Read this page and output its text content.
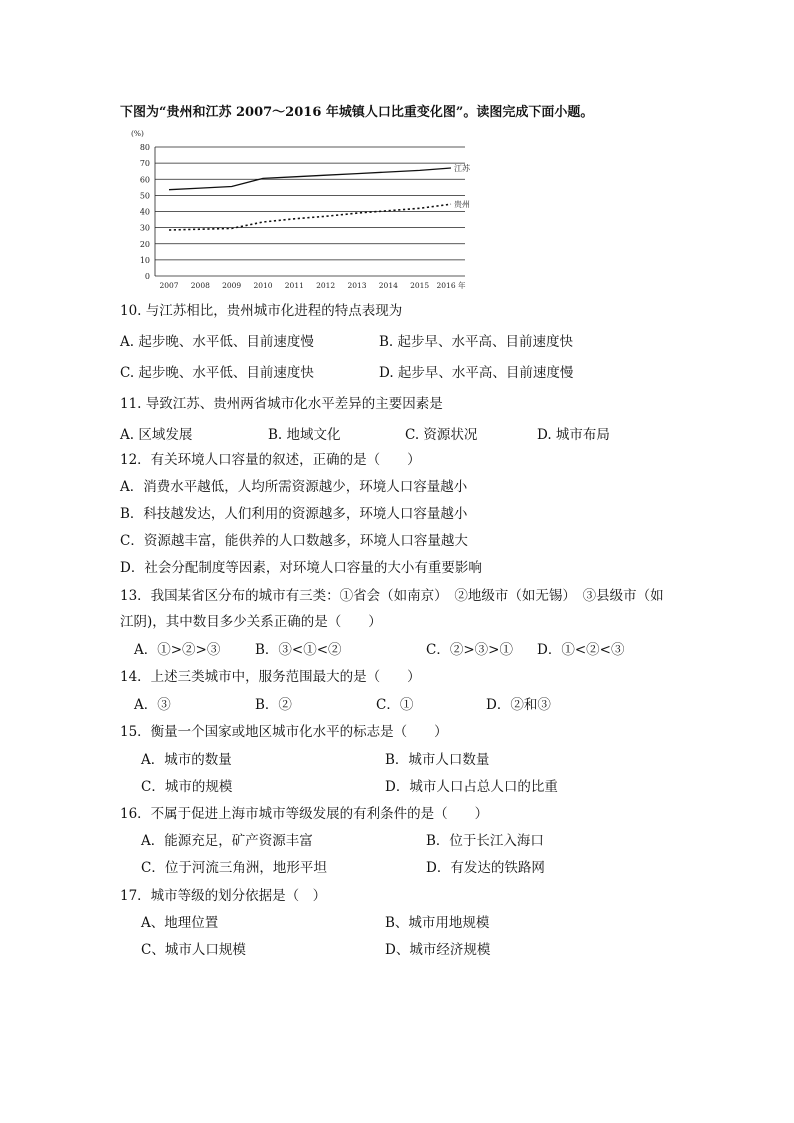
下图为“贵州和江苏 2007～2016 年城镇人口比重变化图”。读图完成下面小题。
(%)
0
10
20
30
40
50
60
70
80
2007 2008 2009 2010 2011 2012 2013 2014 2015 2016 年
江苏
贵州
10. 与江苏相比，贵州城市化进程的特点表现为
A. 起步晚、水平低、目前速度慢	B. 起步早、水平高、目前速度快
C. 起步晚、水平低、目前速度快	D. 起步早、水平高、目前速度慢
11. 导致江苏、贵州两省城市化水平差异的主要因素是
A. 区域发展	B. 地域文化	C. 资源状况	D. 城市布局
12．有关环境人口容量的叙述，正确的是（　　）
A．消费水平越低，人均所需资源越少，环境人口容量越小
B．科技越发达，人们利用的资源越多，环境人口容量越小
C．资源越丰富，能供养的人口数越多，环境人口容量越大
D．社会分配制度等因素，对环境人口容量的大小有重要影响
13．我国某省区分布的城市有三类：①省会（如南京）　②地级市（如无锡）　③县级市（如
江阴)，其中数目多少关系正确的是（　　）
A．①>②>③	B．③<①<②	C．②>③>① D．①<②<③
14．上述三类城市中，服务范围最大的是（　　）
A．③	B．②	C．①	D．②和③
15．衡量一个国家或地区城市化水平的标志是（　　）
A．城市的数量	B．城市人口数量
C．城市的规模	D．城市人口占总人口的比重
16．不属于促进上海市城市等级发展的有利条件的是（　　）
A．能源充足，矿产资源丰富	B．位于长江入海口
C．位于河流三角洲，地形平坦	D．有发达的铁路网
17．城市等级的划分依据是（　）
A、地理位置	B、城市用地规模
C、城市人口规模	D、城市经济规模
